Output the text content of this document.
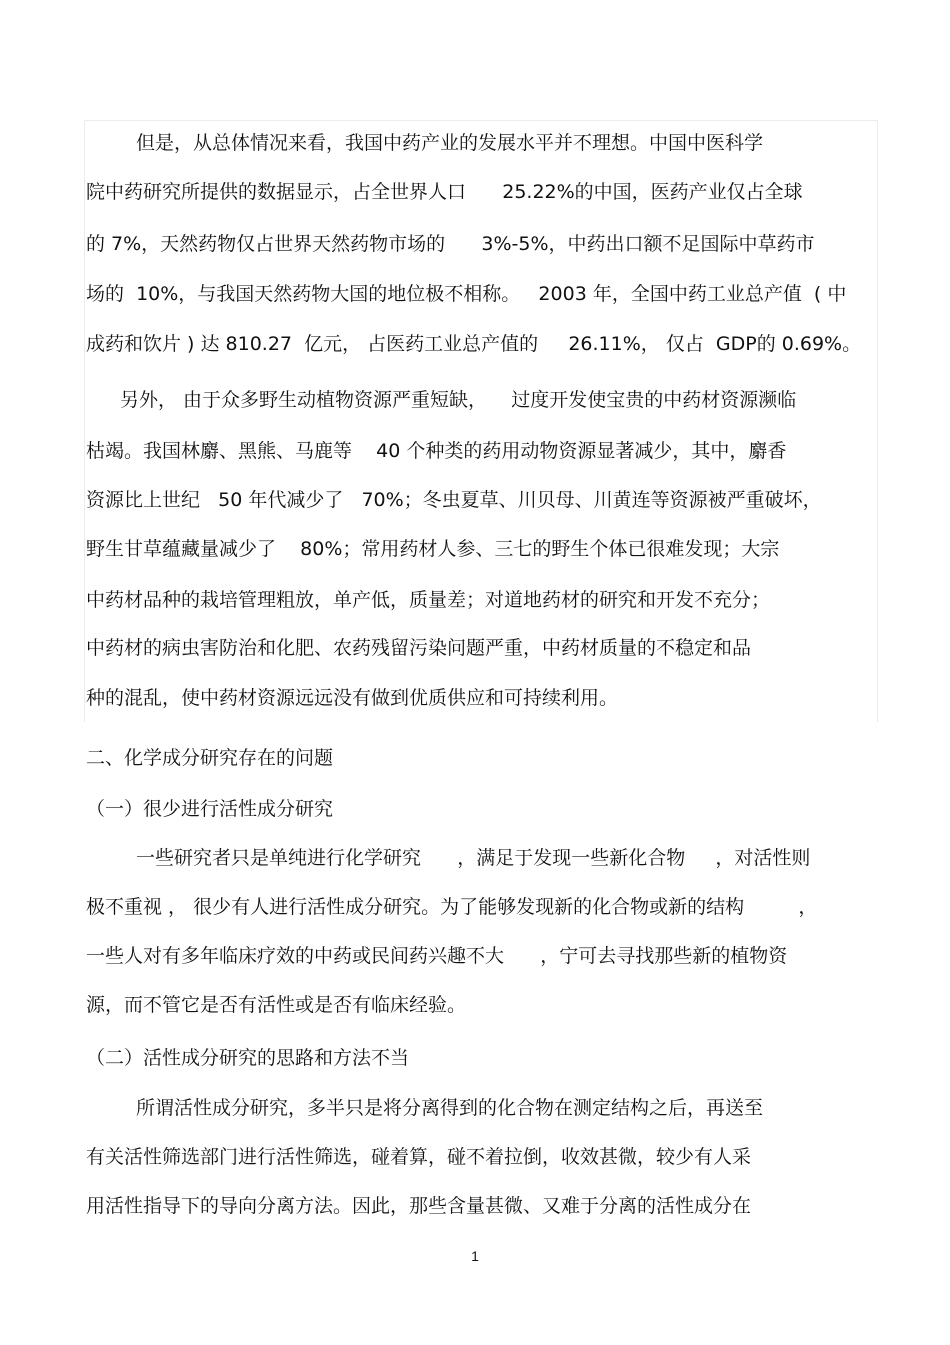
但是，从总体情况来看，我国中药产业的发展水平并不理想。中国中医科学
院中药研究所提供的数据显示，占全世界人口      25.22%的中国，医药产业仅占全球
的 7%，天然药物仅占世界天然药物市场的      3%-5%，中药出口额不足国际中草药市
场的  10%，与我国天然药物大国的地位极不相称。   2003 年，全国中药工业总产值  ( 中
成药和饮片 ) 达 810.27  亿元， 占医药工业总产值的     26.11%， 仅占  GDP的 0.69%。
另外， 由于众多野生动植物资源严重短缺，    过度开发使宝贵的中药材资源濒临
枯竭。我国林麝、黑熊、马鹿等    40 个种类的药用动物资源显著减少，其中，麝香
资源比上世纪   50 年代减少了   70%；冬虫夏草、川贝母、川黄连等资源被严重破坏，
野生甘草蕴藏量减少了    80%；常用药材人参、三七的野生个体已很难发现；大宗
中药材品种的栽培管理粗放，单产低，质量差；对道地药材的研究和开发不充分；
中药材的病虫害防治和化肥、农药残留污染问题严重，中药材质量的不稳定和品
种的混乱，使中药材资源远远没有做到优质供应和可持续利用。
二、化学成分研究存在的问题
（一）很少进行活性成分研究
一些研究者只是单纯进行化学研究      ，满足于发现一些新化合物     ，对活性则
极不重视 ， 很少有人进行活性成分研究。为了能够发现新的化合物或新的结构         ，
一些人对有多年临床疗效的中药或民间药兴趣不大      ，宁可去寻找那些新的植物资
源，而不管它是否有活性或是否有临床经验。
（二）活性成分研究的思路和方法不当
所谓活性成分研究，多半只是将分离得到的化合物在测定结构之后，再送至
有关活性筛选部门进行活性筛选，碰着算，碰不着拉倒，收效甚微，较少有人采
用活性指导下的导向分离方法。因此，那些含量甚微、又难于分离的活性成分在
1
